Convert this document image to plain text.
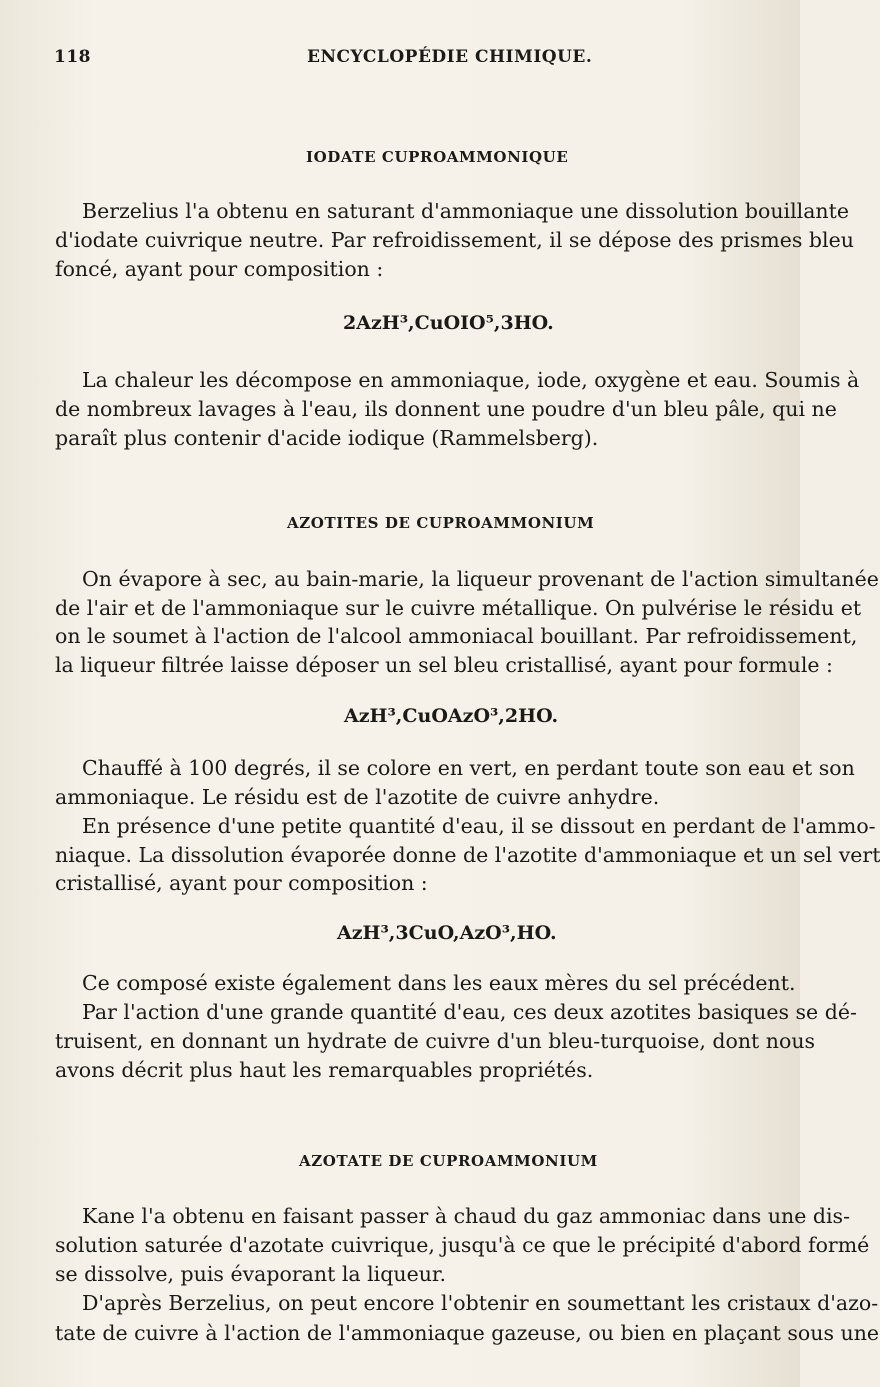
118	ENCYCLOPÉDIE CHIMIQUE.
IODATE CUPROAMMONIQUE
Berzelius l'a obtenu en saturant d'ammoniaque une dissolution bouillante
d'iodate cuivrique neutre. Par refroidissement, il se dépose des prismes bleu
foncé, ayant pour composition :
2AzH³,CuOIO⁵,3HO.
La chaleur les décompose en ammoniaque, iode, oxygène et eau. Soumis à
de nombreux lavages à l'eau, ils donnent une poudre d'un bleu pâle, qui ne
paraît plus contenir d'acide iodique (Rammelsberg).
AZOTITES DE CUPROAMMONIUM
On évapore à sec, au bain-marie, la liqueur provenant de l'action simultanée
de l'air et de l'ammoniaque sur le cuivre métallique. On pulvérise le résidu et
on le soumet à l'action de l'alcool ammoniacal bouillant. Par refroidissement,
la liqueur filtrée laisse déposer un sel bleu cristallisé, ayant pour formule :
AzH³,CuOAzO³,2HO.
Chauffé à 100 degrés, il se colore en vert, en perdant toute son eau et son
ammoniaque. Le résidu est de l'azotite de cuivre anhydre.
En présence d'une petite quantité d'eau, il se dissout en perdant de l'ammo-
niaque. La dissolution évaporée donne de l'azotite d'ammoniaque et un sel vert
cristallisé, ayant pour composition :
AzH³,3CuO,AzO³,HO.
Ce composé existe également dans les eaux mères du sel précédent.
Par l'action d'une grande quantité d'eau, ces deux azotites basiques se dé-
truisent, en donnant un hydrate de cuivre d'un bleu-turquoise, dont nous
avons décrit plus haut les remarquables propriétés.
AZOTATE DE CUPROAMMONIUM
Kane l'a obtenu en faisant passer à chaud du gaz ammoniac dans une dis-
solution saturée d'azotate cuivrique, jusqu'à ce que le précipité d'abord formé
se dissolve, puis évaporant la liqueur.
D'après Berzelius, on peut encore l'obtenir en soumettant les cristaux d'azo-
tate de cuivre à l'action de l'ammoniaque gazeuse, ou bien en plaçant sous une
